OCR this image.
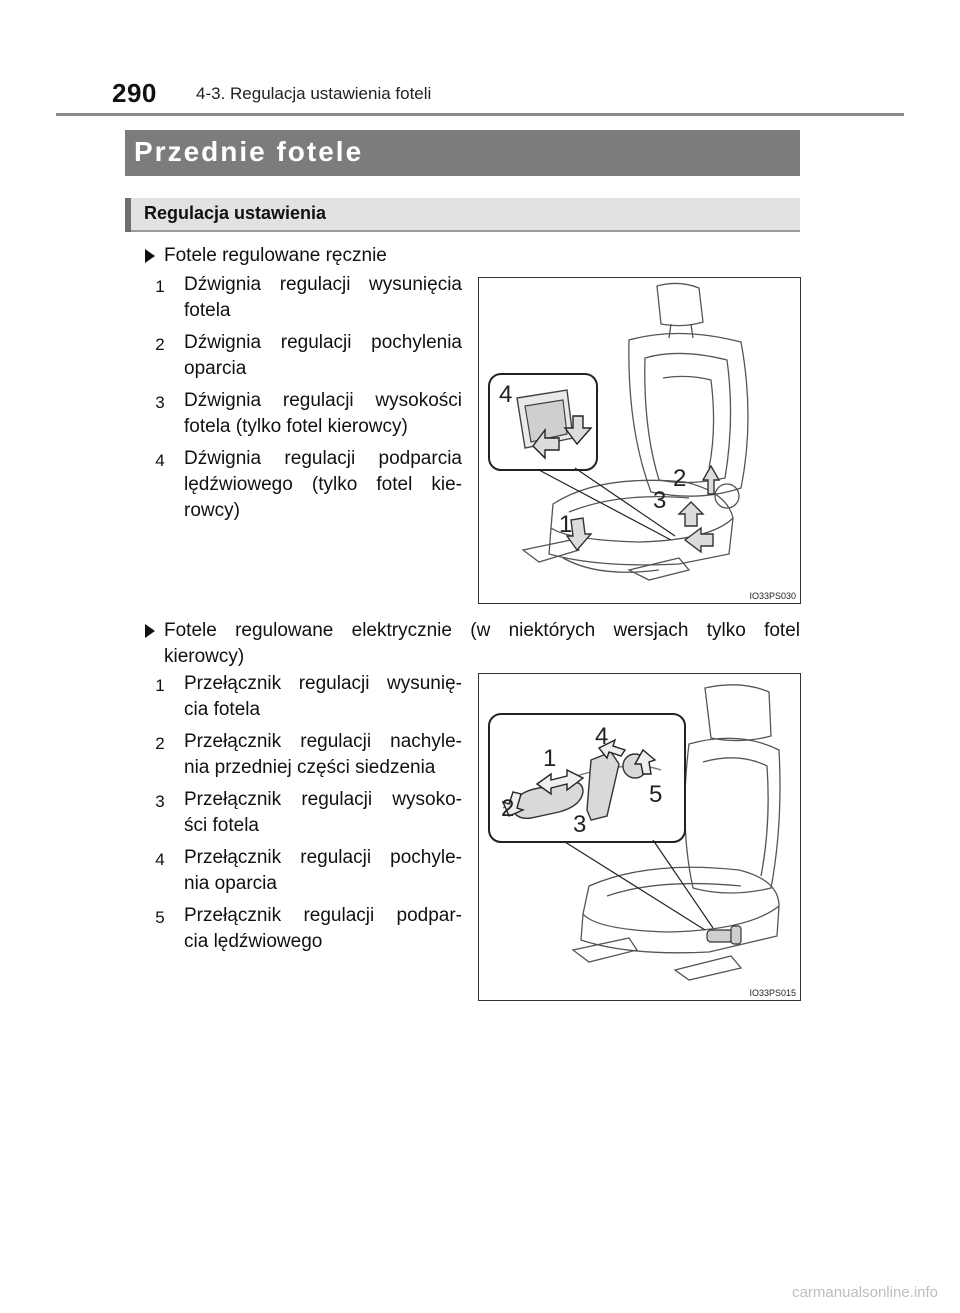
290 4-3. Regulacja ustawienia foteli
Przednie fotele
Regulacja ustawienia
Fotele regulowane ręcznie
1 Dźwignia regulacji wysunięcia
fotela
2 Dźwignia regulacji pochylenia
oparcia
3 Dźwignia regulacji wysokości
fotela (tylko fotel kierowcy)
4 Dźwignia regulacji podparcia
lędźwiowego (tylko fotel kie-
rowcy)
4
2
3
1
IO33PS030
Fotele regulowane elektrycznie (w niektórych wersjach tylko fotel
kierowcy)
1 Przełącznik regulacji wysunię-
cia fotela
2 Przełącznik regulacji nachyle-
nia przedniej części siedzenia
3 Przełącznik regulacji wysoko-
ści fotela
4 Przełącznik regulacji pochyle-
nia oparcia
5 Przełącznik regulacji podpar-
cia lędźwiowego
1
2
3
4
5
IO33PS015
carmanualsonline.info
